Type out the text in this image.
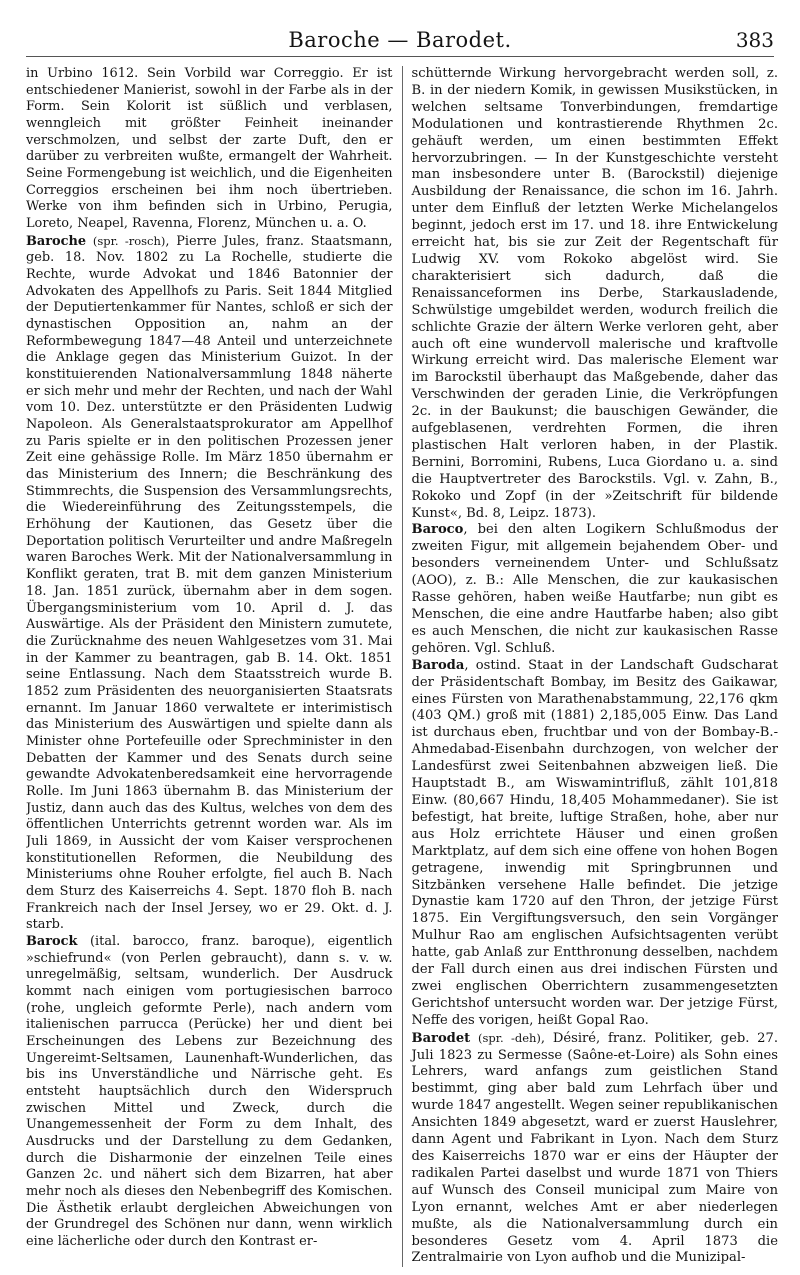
Baroche — Barodet.	383

in Urbino 1612. Sein Vorbild war Correggio. Er ist entschiedener Manierist, sowohl in der Farbe als in der Form. Sein Kolorit ist süßlich und verblasen, wenngleich mit größter Feinheit ineinander verschmolzen, und selbst der zarte Duft, den er darüber zu verbreiten wußte, ermangelt der Wahrheit. Seine Formengebung ist weichlich, und die Eigenheiten Correggios erscheinen bei ihm noch übertrieben. Werke von ihm befinden sich in Urbino, Perugia, Loreto, Neapel, Ravenna, Florenz, München u. a. O.

Baroche (spr. -rosch), Pierre Jules, franz. Staatsmann, geb. 18. Nov. 1802 zu La Rochelle, studierte die Rechte, wurde Advokat und 1846 Batonnier der Advokaten des Appellhofs zu Paris. Seit 1844 Mitglied der Deputiertenkammer für Nantes, schloß er sich der dynastischen Opposition an, nahm an der Reformbewegung 1847—48 Anteil und unterzeichnete die Anklage gegen das Ministerium Guizot. In der konstituierenden Nationalversammlung 1848 näherte er sich mehr und mehr der Rechten, und nach der Wahl vom 10. Dez. unterstützte er den Präsidenten Ludwig Napoleon. Als Generalstaatsprokurator am Appellhof zu Paris spielte er in den politischen Prozessen jener Zeit eine gehässige Rolle. Im März 1850 übernahm er das Ministerium des Innern; die Beschränkung des Stimmrechts, die Suspension des Versammlungsrechts, die Wiedereinführung des Zeitungsstempels, die Erhöhung der Kautionen, das Gesetz über die Deportation politisch Verurteilter und andre Maßregeln waren Baroches Werk. Mit der Nationalversammlung in Konflikt geraten, trat B. mit dem ganzen Ministerium 18. Jan. 1851 zurück, übernahm aber in dem sogen. Übergangsministerium vom 10. April d. J. das Auswärtige. Als der Präsident den Ministern zumutete, die Zurücknahme des neuen Wahlgesetzes vom 31. Mai in der Kammer zu beantragen, gab B. 14. Okt. 1851 seine Entlassung. Nach dem Staatsstreich wurde B. 1852 zum Präsidenten des neuorganisierten Staatsrats ernannt. Im Januar 1860 verwaltete er interimistisch das Ministerium des Auswärtigen und spielte dann als Minister ohne Portefeuille oder Sprechminister in den Debatten der Kammer und des Senats durch seine gewandte Advokatenberedsamkeit eine hervorragende Rolle. Im Juni 1863 übernahm B. das Ministerium der Justiz, dann auch das des Kultus, welches von dem des öffentlichen Unterrichts getrennt worden war. Als im Juli 1869, in Aussicht der vom Kaiser versprochenen konstitutionellen Reformen, die Neubildung des Ministeriums ohne Rouher erfolgte, fiel auch B. Nach dem Sturz des Kaiserreichs 4. Sept. 1870 floh B. nach Frankreich nach der Insel Jersey, wo er 29. Okt. d. J. starb.

Barock (ital. barocco, franz. baroque), eigentlich »schiefrund« (von Perlen gebraucht), dann s. v. w. unregelmäßig, seltsam, wunderlich. Der Ausdruck kommt nach einigen vom portugiesischen barroco (rohe, ungleich geformte Perle), nach andern vom italienischen parrucca (Perücke) her und dient bei Erscheinungen des Lebens zur Bezeichnung des Ungereimt-Seltsamen, Launenhaft-Wunderlichen, das bis ins Unverständliche und Närrische geht. Es entsteht hauptsächlich durch den Widerspruch zwischen Mittel und Zweck, durch die Unangemessenheit der Form zu dem Inhalt, des Ausdrucks und der Darstellung zu dem Gedanken, durch die Disharmonie der einzelnen Teile eines Ganzen 2c. und nähert sich dem Bizarren, hat aber mehr noch als dieses den Nebenbegriff des Komischen. Die Ästhetik erlaubt dergleichen Abweichungen von der Grundregel des Schönen nur dann, wenn wirklich eine lächerliche oder durch den Kontrast er-

schütternde Wirkung hervorgebracht werden soll, z. B. in der niedern Komik, in gewissen Musikstücken, in welchen seltsame Tonverbindungen, fremdartige Modulationen und kontrastierende Rhythmen 2c. gehäuft werden, um einen bestimmten Effekt hervorzubringen. — In der Kunstgeschichte versteht man insbesondere unter B. (Barockstil) diejenige Ausbildung der Renaissance, die schon im 16. Jahrh. unter dem Einfluß der letzten Werke Michelangelos beginnt, jedoch erst im 17. und 18. ihre Entwickelung erreicht hat, bis sie zur Zeit der Regentschaft für Ludwig XV. vom Rokoko abgelöst wird. Sie charakterisiert sich dadurch, daß die Renaissanceformen ins Derbe, Starkausladende, Schwülstige umgebildet werden, wodurch freilich die schlichte Grazie der ältern Werke verloren geht, aber auch oft eine wundervoll malerische und kraftvolle Wirkung erreicht wird. Das malerische Element war im Barockstil überhaupt das Maßgebende, daher das Verschwinden der geraden Linie, die Verkröpfungen 2c. in der Baukunst; die bauschigen Gewänder, die aufgeblasenen, verdrehten Formen, die ihren plastischen Halt verloren haben, in der Plastik. Bernini, Borromini, Rubens, Luca Giordano u. a. sind die Hauptvertreter des Barockstils. Vgl. v. Zahn, B., Rokoko und Zopf (in der »Zeitschrift für bildende Kunst«, Bd. 8, Leipz. 1873).

Baroco, bei den alten Logikern Schlußmodus der zweiten Figur, mit allgemein bejahendem Ober- und besonders verneinendem Unter- und Schlußsatz (AOO), z. B.: Alle Menschen, die zur kaukasischen Rasse gehören, haben weiße Hautfarbe; nun gibt es Menschen, die eine andre Hautfarbe haben; also gibt es auch Menschen, die nicht zur kaukasischen Rasse gehören. Vgl. Schluß.

Baroda, ostind. Staat in der Landschaft Gudscharat der Präsidentschaft Bombay, im Besitz des Gaikawar, eines Fürsten von Marathenabstammung, 22,176 qkm (403 QM.) groß mit (1881) 2,185,005 Einw. Das Land ist durchaus eben, fruchtbar und von der Bombay-B.-Ahmedabad-Eisenbahn durchzogen, von welcher der Landesfürst zwei Seitenbahnen abzweigen ließ. Die Hauptstadt B., am Wiswamintrifluß, zählt 101,818 Einw. (80,667 Hindu, 18,405 Mohammedaner). Sie ist befestigt, hat breite, luftige Straßen, hohe, aber nur aus Holz errichtete Häuser und einen großen Marktplatz, auf dem sich eine offene von hohen Bogen getragene, inwendig mit Springbrunnen und Sitzbänken versehene Halle befindet. Die jetzige Dynastie kam 1720 auf den Thron, der jetzige Fürst 1875. Ein Vergiftungsversuch, den sein Vorgänger Mulhur Rao am englischen Aufsichtsagenten verübt hatte, gab Anlaß zur Entthronung desselben, nachdem der Fall durch einen aus drei indischen Fürsten und zwei englischen Oberrichtern zusammengesetzten Gerichtshof untersucht worden war. Der jetzige Fürst, Neffe des vorigen, heißt Gopal Rao.

Barodet (spr. -deh), Désiré, franz. Politiker, geb. 27. Juli 1823 zu Sermesse (Saône-et-Loire) als Sohn eines Lehrers, ward anfangs zum geistlichen Stand bestimmt, ging aber bald zum Lehrfach über und wurde 1847 angestellt. Wegen seiner republikanischen Ansichten 1849 abgesetzt, ward er zuerst Hauslehrer, dann Agent und Fabrikant in Lyon. Nach dem Sturz des Kaiserreichs 1870 war er eins der Häupter der radikalen Partei daselbst und wurde 1871 von Thiers auf Wunsch des Conseil municipal zum Maire von Lyon ernannt, welches Amt er aber niederlegen mußte, als die Nationalversammlung durch ein besonderes Gesetz vom 4. April 1873 die Zentralmairie von Lyon aufhob und die Munizipal-
